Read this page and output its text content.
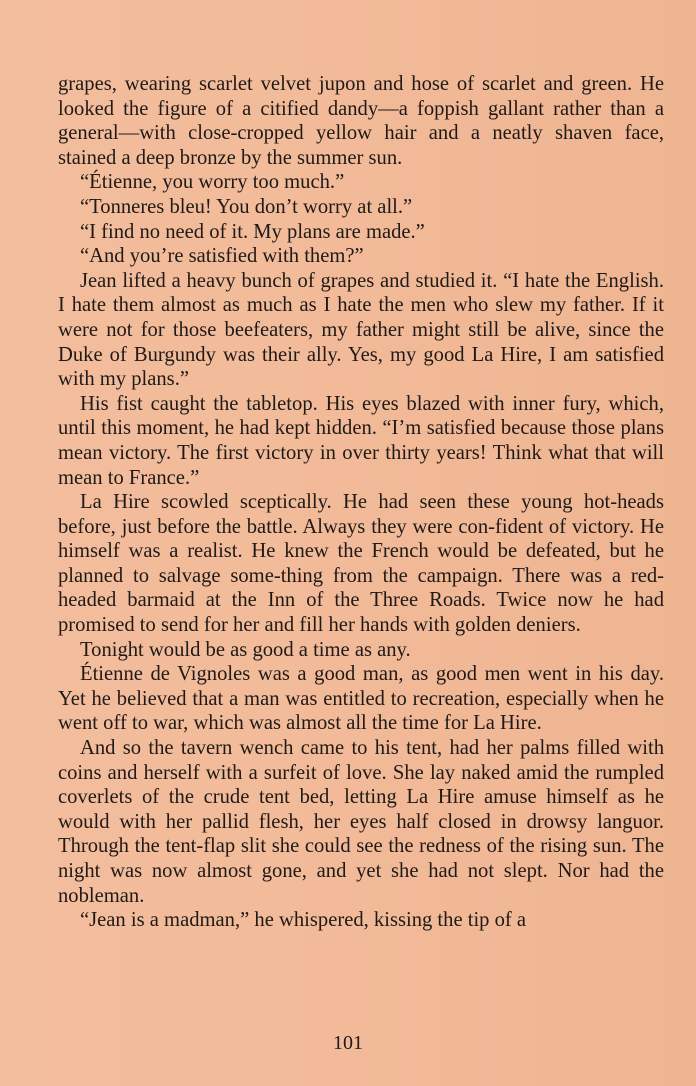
grapes, wearing scarlet velvet jupon and hose of scarlet and green. He looked the figure of a citified dandy—a foppish gallant rather than a general—with close-cropped yellow hair and a neatly shaven face, stained a deep bronze by the summer sun.

“Étienne, you worry too much.”

“Tonneres bleu! You don’t worry at all.”

“I find no need of it. My plans are made.”

“And you’re satisfied with them?”

Jean lifted a heavy bunch of grapes and studied it. “I hate the English. I hate them almost as much as I hate the men who slew my father. If it were not for those beefeaters, my father might still be alive, since the Duke of Burgundy was their ally. Yes, my good La Hire, I am satisfied with my plans.”

His fist caught the tabletop. His eyes blazed with inner fury, which, until this moment, he had kept hidden. “I’m satisfied because those plans mean victory. The first victory in over thirty years! Think what that will mean to France.”

La Hire scowled sceptically. He had seen these young hot-heads before, just before the battle. Always they were con-fident of victory. He himself was a realist. He knew the French would be defeated, but he planned to salvage some-thing from the campaign. There was a red-headed barmaid at the Inn of the Three Roads. Twice now he had promised to send for her and fill her hands with golden deniers.

Tonight would be as good a time as any.

Étienne de Vignoles was a good man, as good men went in his day. Yet he believed that a man was entitled to recreation, especially when he went off to war, which was almost all the time for La Hire.

And so the tavern wench came to his tent, had her palms filled with coins and herself with a surfeit of love. She lay naked amid the rumpled coverlets of the crude tent bed, letting La Hire amuse himself as he would with her pallid flesh, her eyes half closed in drowsy languor. Through the tent-flap slit she could see the redness of the rising sun. The night was now almost gone, and yet she had not slept. Nor had the nobleman.

“Jean is a madman,” he whispered, kissing the tip of a

101
